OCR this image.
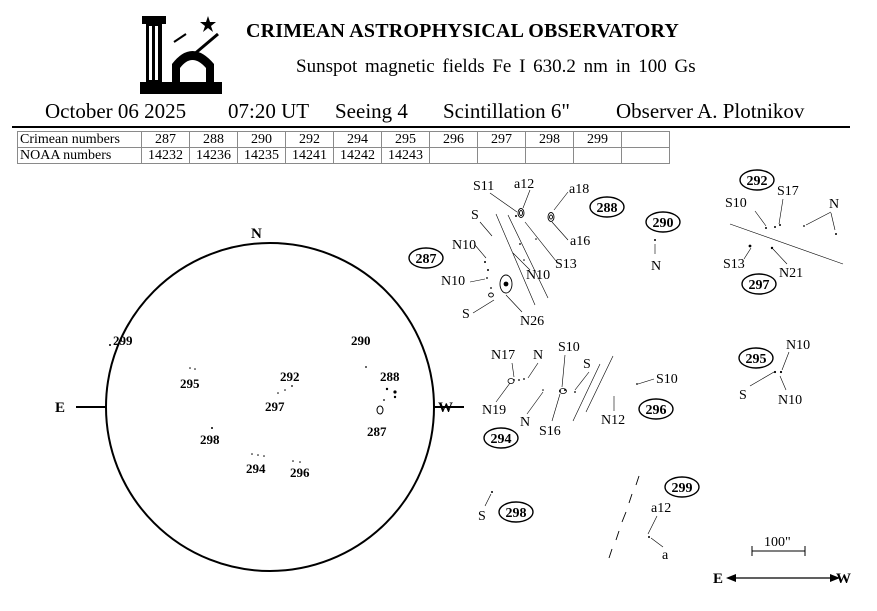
CRIMEAN ASTROPHYSICAL OBSERVATORY
Sunspot magnetic fields Fe I 630.2 nm in 100 Gs
October 06 2025 07:20 UT Seeing 4 Scintillation 6" Observer A. Plotnikov
Crimean numbers	287	288	290	292	294	295	296	297	298	299	
NOAA numbers	14232	14236	14235	14241	14242	14243					
N
E	W
299
295	292
297
298
294 296
290
288
287
287
288
S11 a12
S
N10
N10
S	N26
a18
a16
S13
N10
290
N
292
297
S17
S10	N
S13
N21
294
296
N17 N
N19
N
S10
S
S16
S10
N12
295
N10
S N10
298
S
299
a12
a
100"
E	W
